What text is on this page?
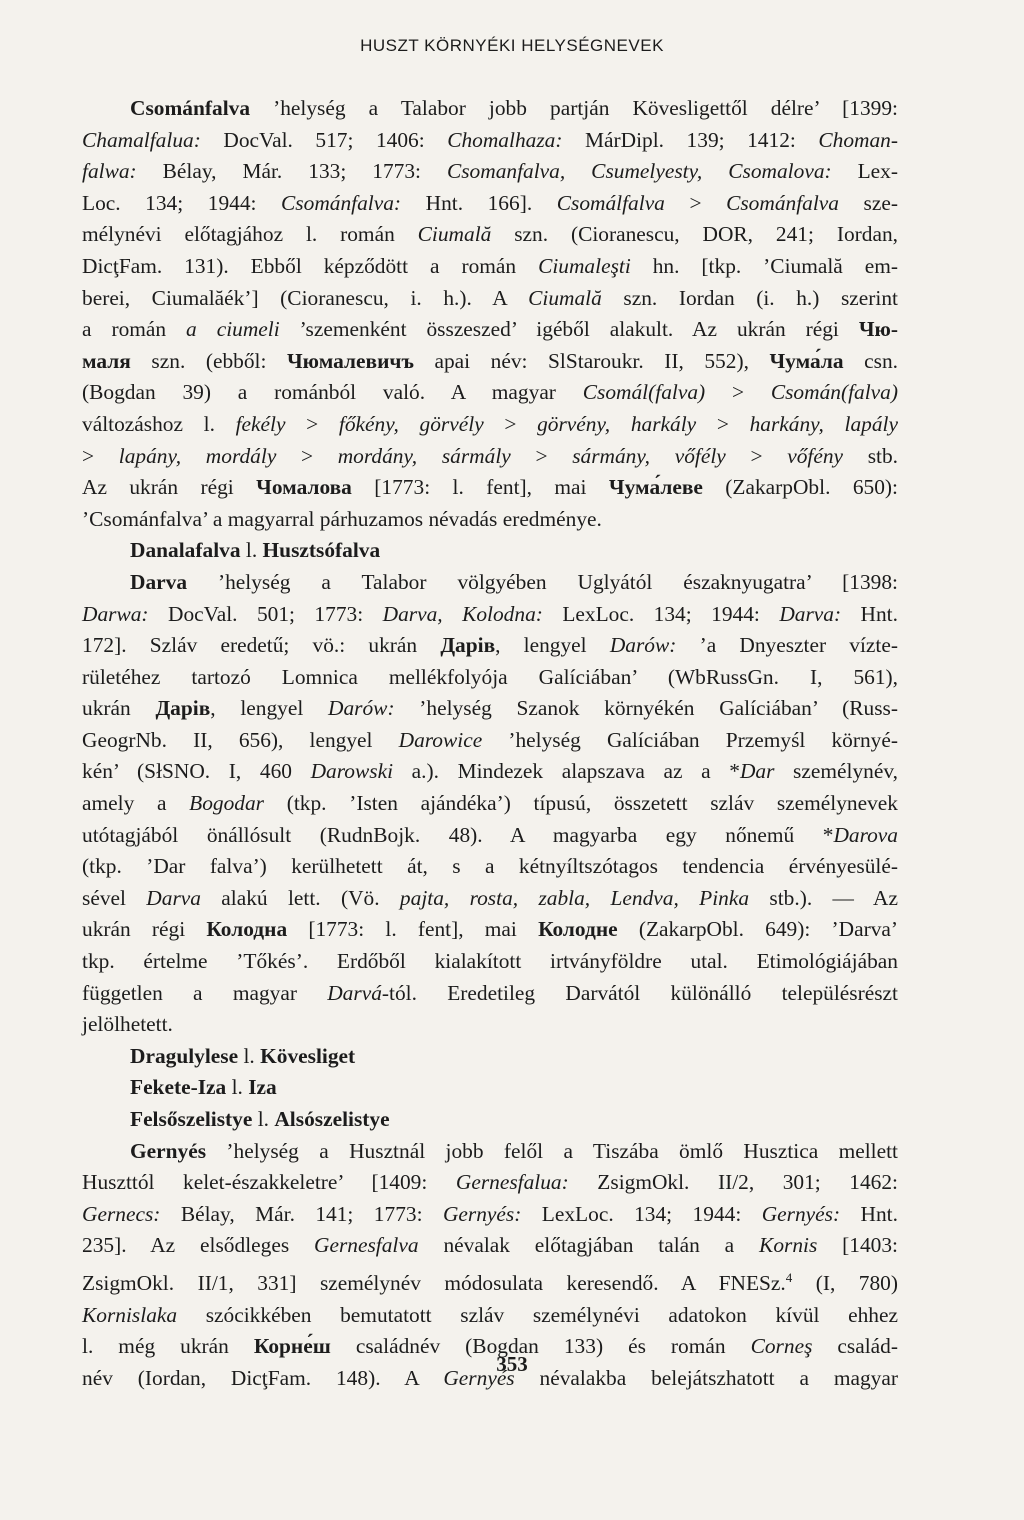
HUSZT KÖRNYÉKI HELYSÉGNEVEK
Csománfalva ’helység a Talabor jobb partján Kövesligettől délre’ [1399:
Chamalfalua: DocVal. 517; 1406: Chomalhaza: MárDipl. 139; 1412: Choman-
falwa: Bélay, Már. 133; 1773: Csomanfalva, Csumelyesty, Csomalova: Lex-
Loc. 134; 1944: Csománfalva: Hnt. 166]. Csomálfalva > Csománfalva sze-
mélynévi előtagjához l. román Ciumală szn. (Cioranescu, DOR, 241; Iordan,
DicţFam. 131). Ebből képződött a román Ciumaleşti hn. [tkp. ’Ciumală em-
berei, Ciumalăék’] (Cioranescu, i. h.). A Ciumală szn. Iordan (i. h.) szerint
a román a ciumeli ’szemenként összeszed’ igéből alakult. Az ukrán régi Чю-
маля szn. (ebből: Чюмалевичъ apai név: SlStaroukr. II, 552), Чума́ла csn.
(Bogdan 39) a románból való. A magyar Csomál(falva) > Csomán(falva)
változáshoz l. fekély > főkény, görvély > görvény, harkály > harkány, lapály
> lapány, mordály > mordány, sármály > sármány, vőfély > vőfény stb.
Az ukrán régi Чомалова [1773: l. fent], mai Чума́леве (ZakarpObl. 650):
’Csománfalva’ a magyarral párhuzamos névadás eredménye.
Danalafalva l. Husztsófalva
Darva ’helység a Talabor völgyében Uglyától északnyugatra’ [1398:
Darwa: DocVal. 501; 1773: Darva, Kolodna: LexLoc. 134; 1944: Darva: Hnt.
172]. Szláv eredetű; vö.: ukrán Дарів, lengyel Darów: ’a Dnyeszter vízte-
rületéhez tartozó Lomnica mellékfolyója Galíciában’ (WbRussGn. I, 561),
ukrán Дарів, lengyel Darów: ’helység Szanok környékén Galíciában’ (Russ-
GeogrNb. II, 656), lengyel Darowice ’helység Galíciában Przemyśl környé-
kén’ (SłSNO. I, 460 Darowski a.). Mindezek alapszava az a *Dar személynév,
amely a Bogodar (tkp. ’Isten ajándéka’) típusú, összetett szláv személynevek
utótagjából önállósult (RudnBojk. 48). A magyarba egy nőnemű *Darova
(tkp. ’Dar falva’) kerülhetett át, s a kétnyíltszótagos tendencia érvényesülé-
sével Darva alakú lett. (Vö. pajta, rosta, zabla, Lendva, Pinka stb.). — Az
ukrán régi Колодна [1773: l. fent], mai Колодне (ZakarpObl. 649): ’Darva’
tkp. értelme ’Tőkés’. Erdőből kialakított irtványföldre utal. Etimológiájában
független a magyar Darvá-tól. Eredetileg Darvától különálló településrészt
jelölhetett.
Dragulylese l. Kövesliget
Fekete-Iza l. Iza
Felsőszelistye l. Alsószelistye
Gernyés ’helység a Husztnál jobb felől a Tiszába ömlő Husztica mellett
Huszttól kelet-északkeletre’ [1409: Gernesfalua: ZsigmOkl. II/2, 301; 1462:
Gernecs: Bélay, Már. 141; 1773: Gernyés: LexLoc. 134; 1944: Gernyés: Hnt.
235]. Az elsődleges Gernesfalva névalak előtagjában talán a Kornis [1403:
ZsigmOkl. II/1, 331] személynév módosulata keresendő. A FNESz.$^4$ (I, 780)
Kornislaka szócikkében bemutatott szláv személynévi adatokon kívül ehhez
l. még ukrán Корне́ш családnév (Bogdan 133) és román Corneş család-
név (Iordan, DicţFam. 148). A Gernyés névalakba belejátszhatott a magyar
353
